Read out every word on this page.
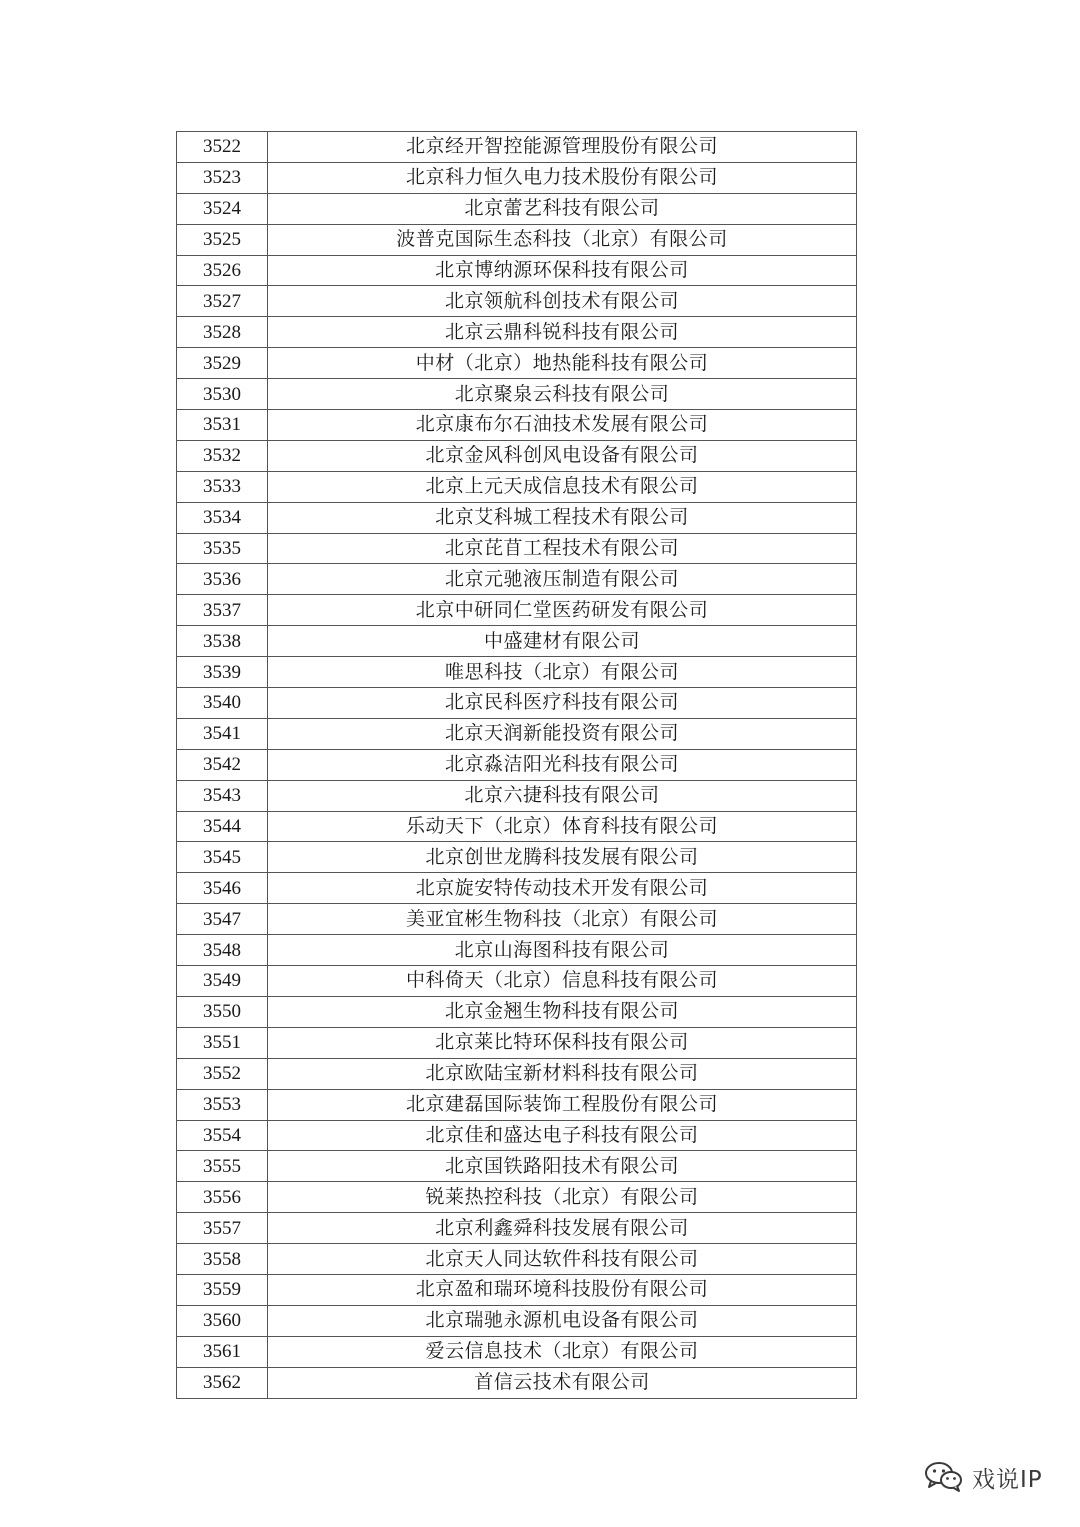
3522	北京经开智控能源管理股份有限公司
3523	北京科力恒久电力技术股份有限公司
3524	北京蕾艺科技有限公司
3525	波普克国际生态科技（北京）有限公司
3526	北京博纳源环保科技有限公司
3527	北京领航科创技术有限公司
3528	北京云鼎科锐科技有限公司
3529	中材（北京）地热能科技有限公司
3530	北京聚泉云科技有限公司
3531	北京康布尔石油技术发展有限公司
3532	北京金风科创风电设备有限公司
3533	北京上元天成信息技术有限公司
3534	北京艾科城工程技术有限公司
3535	北京芘苜工程技术有限公司
3536	北京元驰液压制造有限公司
3537	北京中研同仁堂医药研发有限公司
3538	中盛建材有限公司
3539	唯思科技（北京）有限公司
3540	北京民科医疗科技有限公司
3541	北京天润新能投资有限公司
3542	北京淼洁阳光科技有限公司
3543	北京六捷科技有限公司
3544	乐动天下（北京）体育科技有限公司
3545	北京创世龙腾科技发展有限公司
3546	北京旋安特传动技术开发有限公司
3547	美亚宜彬生物科技（北京）有限公司
3548	北京山海图科技有限公司
3549	中科倚天（北京）信息科技有限公司
3550	北京金翘生物科技有限公司
3551	北京莱比特环保科技有限公司
3552	北京欧陆宝新材料科技有限公司
3553	北京建磊国际装饰工程股份有限公司
3554	北京佳和盛达电子科技有限公司
3555	北京国铁路阳技术有限公司
3556	锐莱热控科技（北京）有限公司
3557	北京利鑫舜科技发展有限公司
3558	北京天人同达软件科技有限公司
3559	北京盈和瑞环境科技股份有限公司
3560	北京瑞驰永源机电设备有限公司
3561	爱云信息技术（北京）有限公司
3562	首信云技术有限公司
戏说IP
